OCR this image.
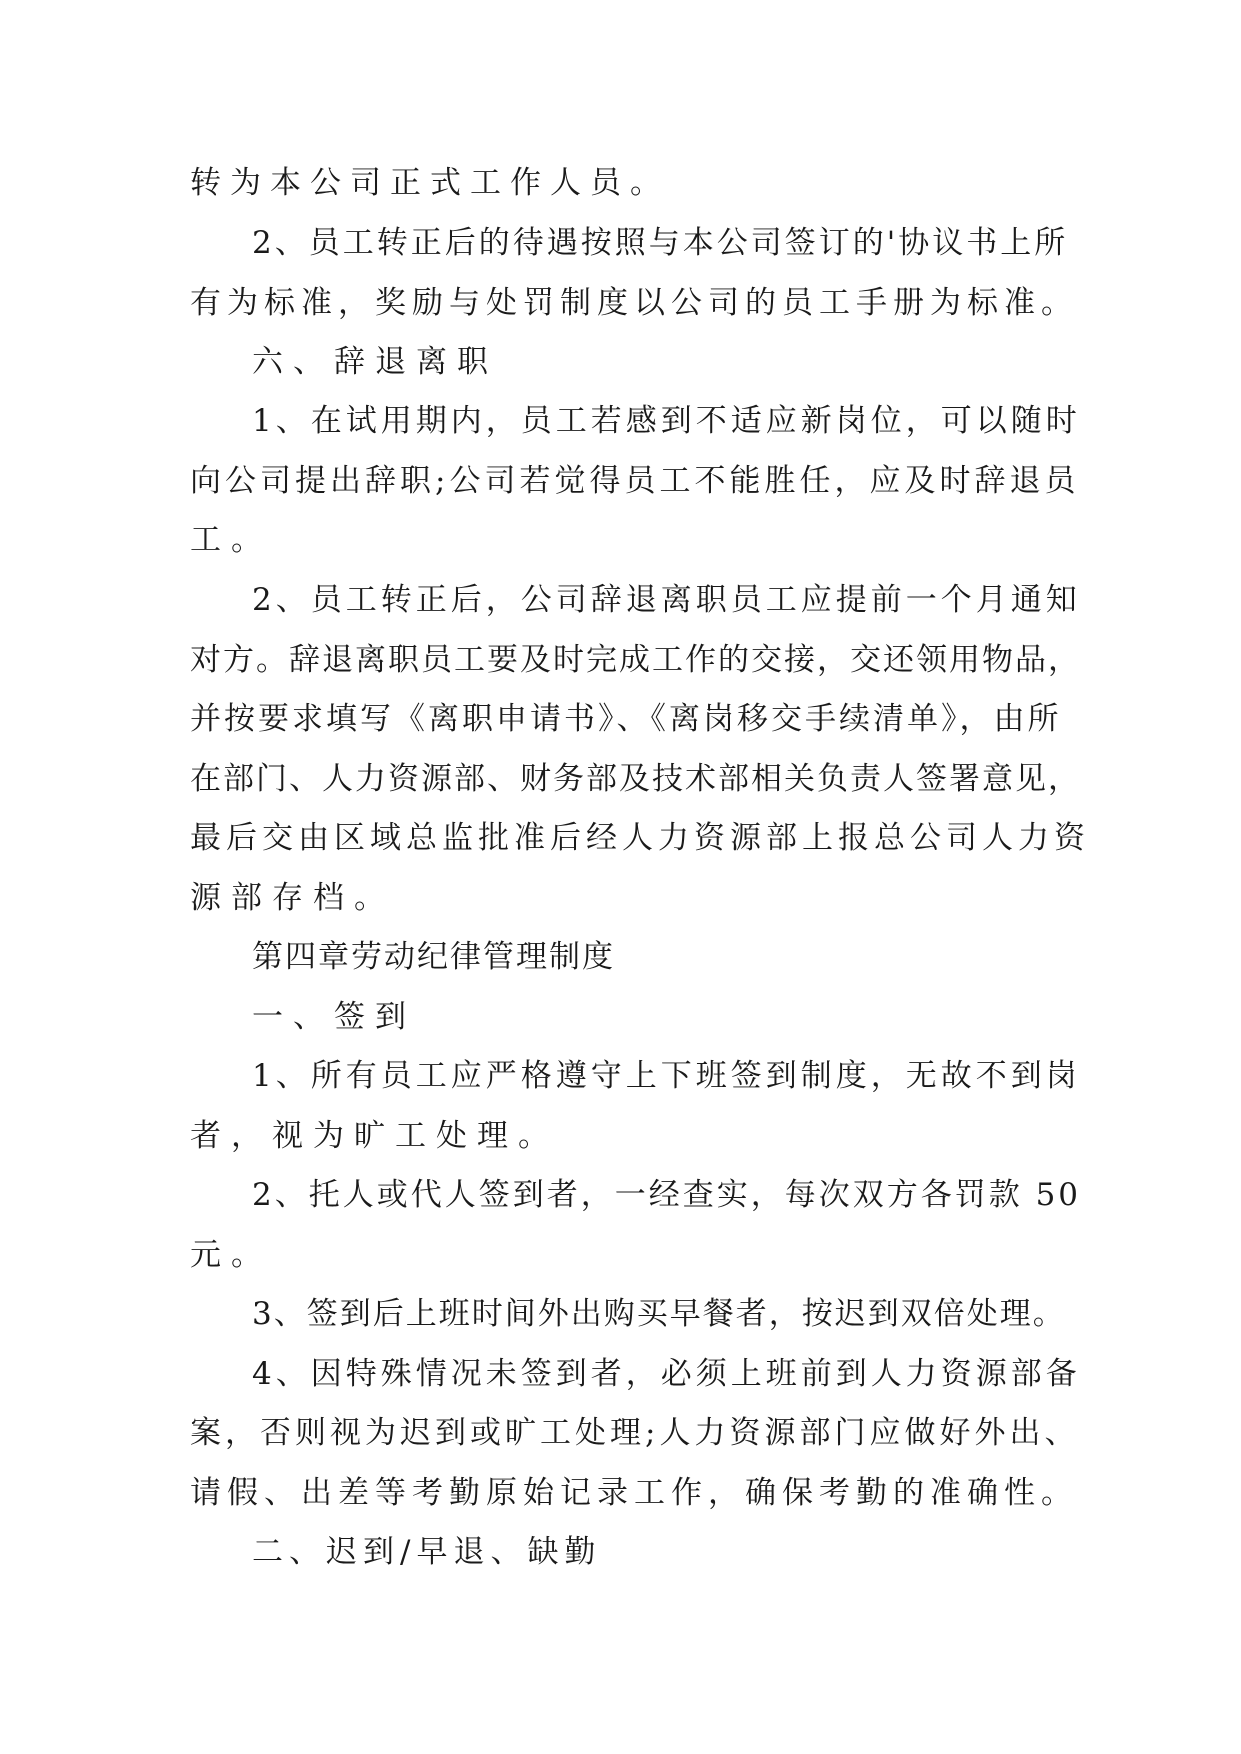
转为本公司正式工作人员。
2、员工转正后的待遇按照与本公司签订的'协议书上所
有为标准，奖励与处罚制度以公司的员工手册为标准。
六、辞退离职
1、在试用期内，员工若感到不适应新岗位，可以随时
向公司提出辞职;公司若觉得员工不能胜任，应及时辞退员
工。
2、员工转正后，公司辞退离职员工应提前一个月通知
对方。辞退离职员工要及时完成工作的交接，交还领用物品，
并按要求填写《离职申请书》、《离岗移交手续清单》，由所
在部门、人力资源部、财务部及技术部相关负责人签署意见，
最后交由区域总监批准后经人力资源部上报总公司人力资
源部存档。
第四章劳动纪律管理制度
一、签到
1、所有员工应严格遵守上下班签到制度，无故不到岗
者，视为旷工处理。
2、托人或代人签到者，一经查实，每次双方各罚款 50
元。
3、签到后上班时间外出购买早餐者，按迟到双倍处理。
4、因特殊情况未签到者，必须上班前到人力资源部备
案，否则视为迟到或旷工处理;人力资源部门应做好外出、
请假、出差等考勤原始记录工作，确保考勤的准确性。
二、迟到/早退、缺勤
